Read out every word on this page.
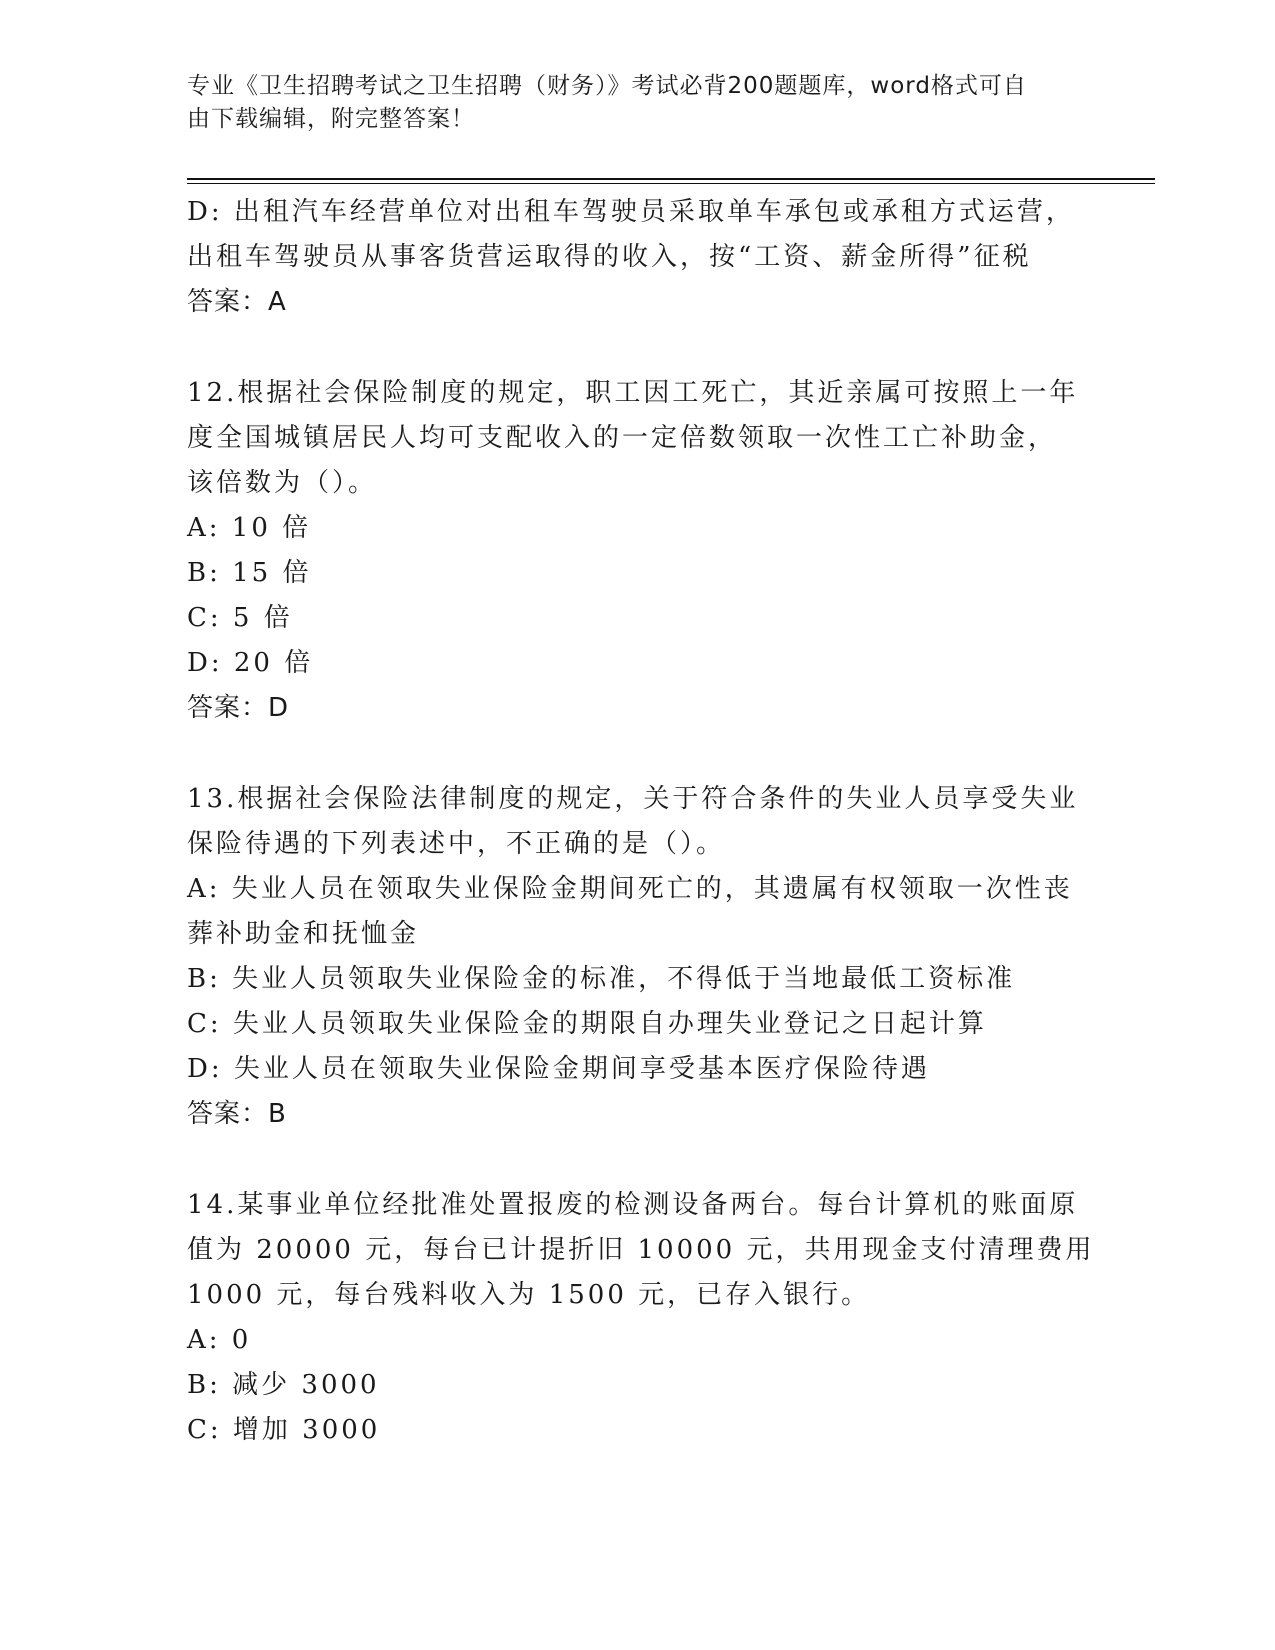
专业《卫生招聘考试之卫生招聘（财务）》考试必背200题题库，word格式可自
由下载编辑，附完整答案！
D: 出租汽车经营单位对出租车驾驶员采取单车承包或承租方式运营，
出租车驾驶员从事客货营运取得的收入，按“工资、薪金所得”征税
答案：A
12.根据社会保险制度的规定，职工因工死亡，其近亲属可按照上一年
度全国城镇居民人均可支配收入的一定倍数领取一次性工亡补助金，
该倍数为（）。
A: 10 倍
B: 15 倍
C: 5 倍
D: 20 倍
答案：D
13.根据社会保险法律制度的规定，关于符合条件的失业人员享受失业
保险待遇的下列表述中，不正确的是（）。
A: 失业人员在领取失业保险金期间死亡的，其遗属有权领取一次性丧
葬补助金和抚恤金
B: 失业人员领取失业保险金的标准，不得低于当地最低工资标准
C: 失业人员领取失业保险金的期限自办理失业登记之日起计算
D: 失业人员在领取失业保险金期间享受基本医疗保险待遇
答案：B
14.某事业单位经批准处置报废的检测设备两台。每台计算机的账面原
值为 20000 元，每台已计提折旧 10000 元，共用现金支付清理费用
1000 元，每台残料收入为 1500 元，已存入银行。
A: 0
B: 减少 3000
C: 增加 3000
